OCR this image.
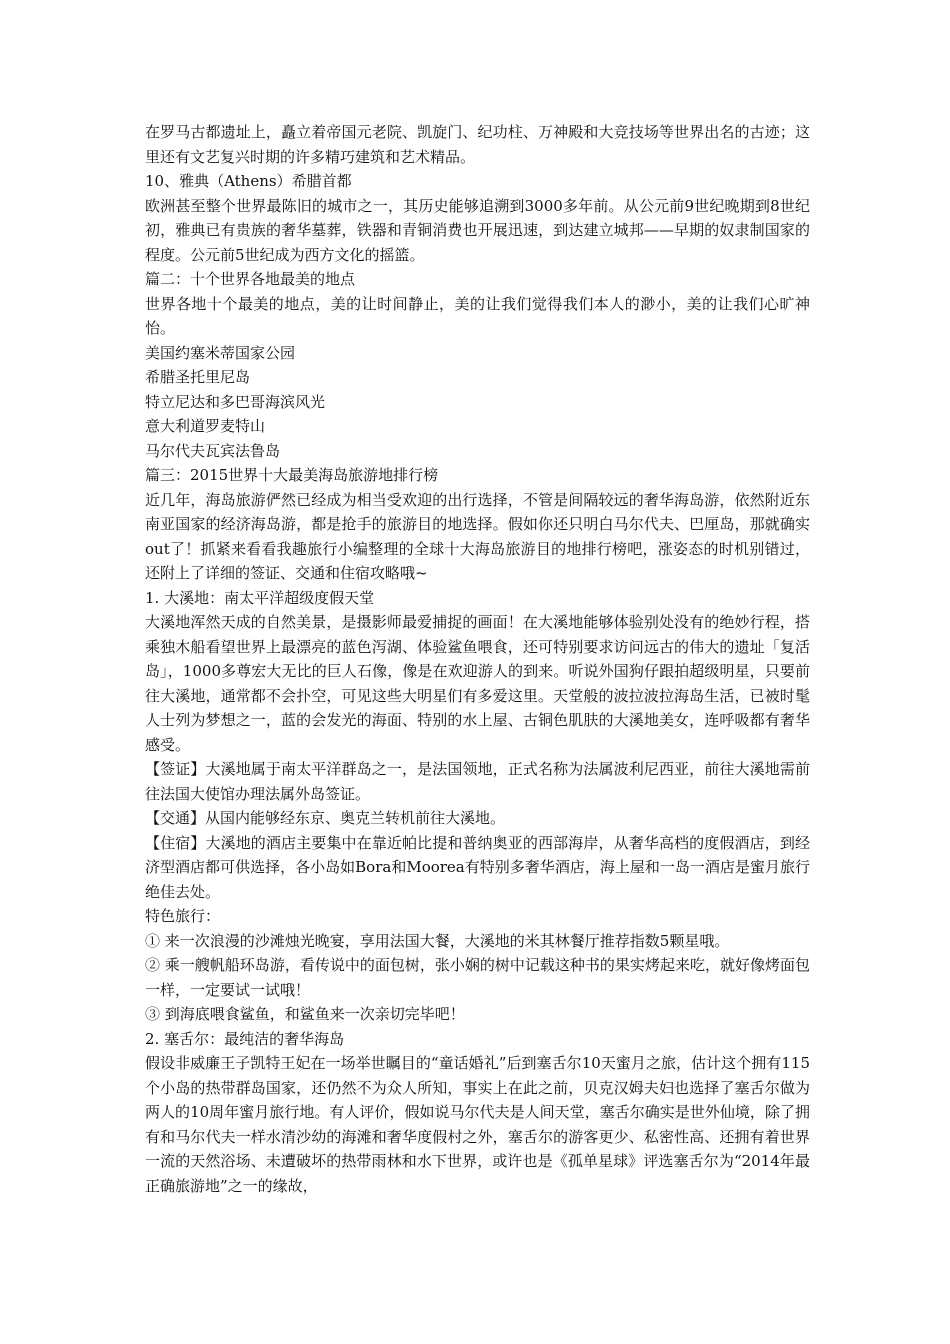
在罗马古都遗址上，矗立着帝国元老院、凯旋门、纪功柱、万神殿和大竞技场等世界出名的古迹；这里还有文艺复兴时期的许多精巧建筑和艺术精品。

10、雅典（Athens）希腊首都

欧洲甚至整个世界最陈旧的城市之一，其历史能够追溯到3000多年前。从公元前9世纪晚期到8世纪初，雅典已有贵族的奢华墓葬，铁器和青铜消费也开展迅速，到达建立城邦——早期的奴隶制国家的程度。公元前5世纪成为西方文化的摇篮。

篇二：十个世界各地最美的地点

世界各地十个最美的地点，美的让时间静止，美的让我们觉得我们本人的渺小，美的让我们心旷神怡。

美国约塞米蒂国家公园

希腊圣托里尼岛

特立尼达和多巴哥海滨风光

意大利道罗麦特山

马尔代夫瓦宾法鲁岛

篇三：2015世界十大最美海岛旅游地排行榜

近几年，海岛旅游俨然已经成为相当受欢迎的出行选择，不管是间隔较远的奢华海岛游，依然附近东南亚国家的经济海岛游，都是抢手的旅游目的地选择。假如你还只明白马尔代夫、巴厘岛，那就确实out了！抓紧来看看我趣旅行小编整理的全球十大海岛旅游目的地排行榜吧，涨姿态的时机别错过，还附上了详细的签证、交通和住宿攻略哦~

1. 大溪地：南太平洋超级度假天堂

大溪地浑然天成的自然美景，是摄影师最爱捕捉的画面！在大溪地能够体验别处没有的绝妙行程，搭乘独木船看望世界上最漂亮的蓝色泻湖、体验鲨鱼喂食，还可特别要求访问远古的伟大的遗址「复活岛」，1000多尊宏大无比的巨人石像，像是在欢迎游人的到来。听说外国狗仔跟拍超级明星，只要前往大溪地，通常都不会扑空，可见这些大明星们有多爱这里。天堂般的波拉波拉海岛生活，已被时髦人士列为梦想之一，蓝的会发光的海面、特别的水上屋、古铜色肌肤的大溪地美女，连呼吸都有奢华感受。

【签证】大溪地属于南太平洋群岛之一，是法国领地，正式名称为法属波利尼西亚，前往大溪地需前往法国大使馆办理法属外岛签证。

【交通】从国内能够经东京、奥克兰转机前往大溪地。

【住宿】大溪地的酒店主要集中在靠近帕比提和普纳奥亚的西部海岸，从奢华高档的度假酒店，到经济型酒店都可供选择，各小岛如Bora和Moorea有特别多奢华酒店，海上屋和一岛一酒店是蜜月旅行绝佳去处。

特色旅行：

① 来一次浪漫的沙滩烛光晚宴，享用法国大餐，大溪地的米其林餐厅推荐指数5颗星哦。

② 乘一艘帆船环岛游，看传说中的面包树，张小娴的树中记载这种书的果实烤起来吃，就好像烤面包一样，一定要试一试哦！

③ 到海底喂食鲨鱼，和鲨鱼来一次亲切完毕吧！

2. 塞舌尔：最纯洁的奢华海岛

假设非威廉王子凯特王妃在一场举世瞩目的“童话婚礼”后到塞舌尔10天蜜月之旅，估计这个拥有115个小岛的热带群岛国家，还仍然不为众人所知，事实上在此之前，贝克汉姆夫妇也选择了塞舌尔做为两人的10周年蜜月旅行地。有人评价，假如说马尔代夫是人间天堂，塞舌尔确实是世外仙境，除了拥有和马尔代夫一样水清沙幼的海滩和奢华度假村之外，塞舌尔的游客更少、私密性高、还拥有着世界一流的天然浴场、未遭破坏的热带雨林和水下世界，或许也是《孤单星球》评选塞舌尔为“2014年最正确旅游地”之一的缘故，
